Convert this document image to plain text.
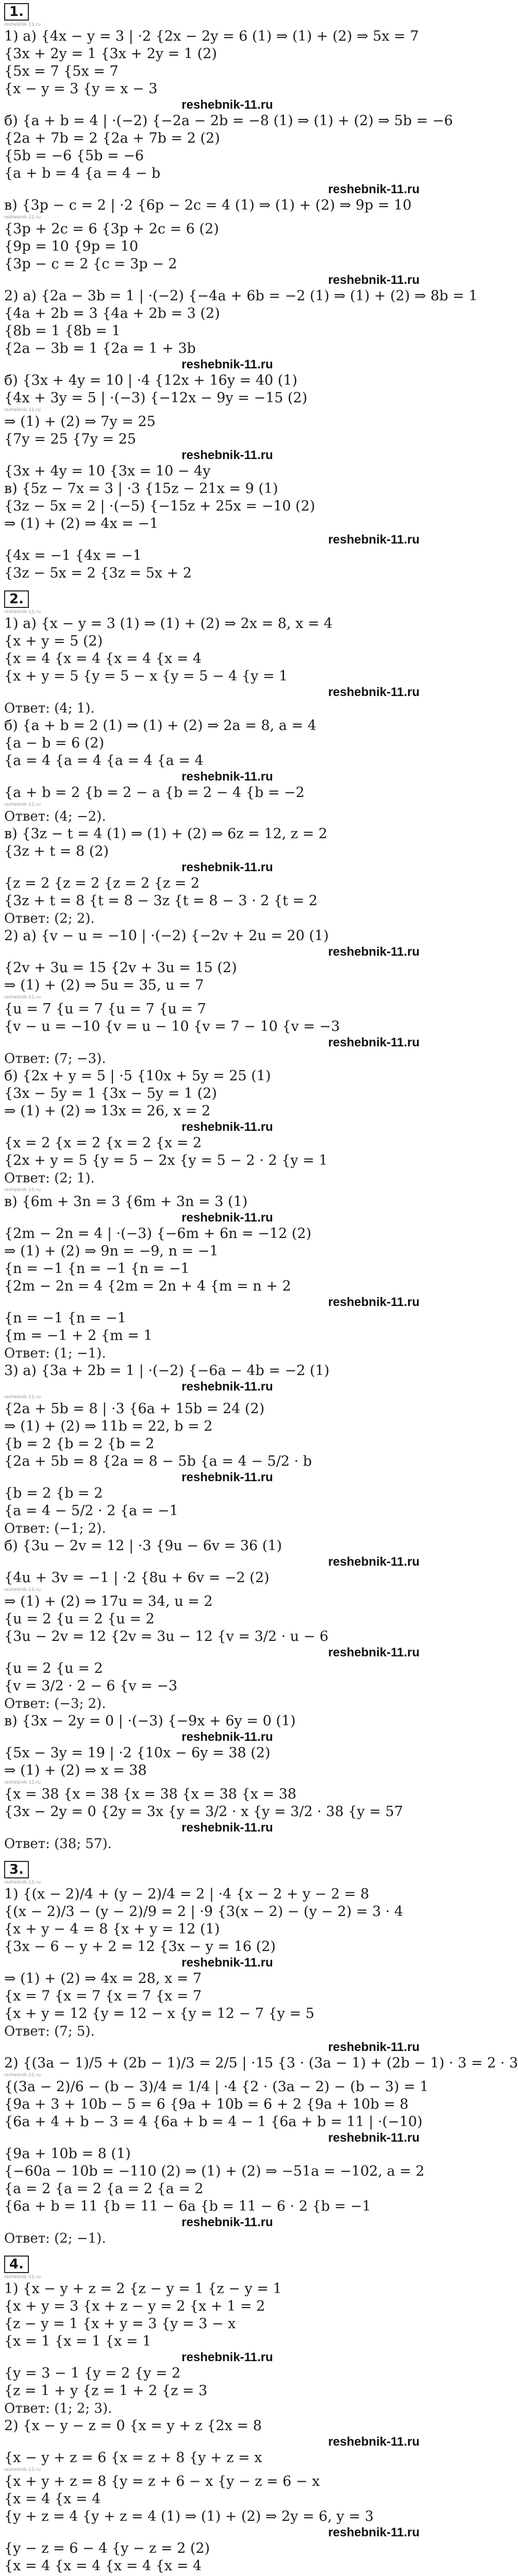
1.
reshebnik-11.ru
1) a) {4x − y = 3 | ·2 {2x − 2y = 6 (1) ⇒ (1) + (2) ⇒ 5x = 7
{3x + 2y = 1 {3x + 2y = 1 (2)
{5x = 7 {5x = 7
{x − y = 3 {y = x − 3
reshebnik-11.ru
б) {a + b = 4 | ·(−2) {−2a − 2b = −8 (1) ⇒ (1) + (2) ⇒ 5b = −6
{2a + 7b = 2 {2a + 7b = 2 (2)
{5b = −6 {5b = −6
{a + b = 4 {a = 4 − b
reshebnik-11.ru
в) {3p − c = 2 | ·2 {6p − 2c = 4 (1) ⇒ (1) + (2) ⇒ 9p = 10
reshebnik-11.ru
{3p + 2c = 6 {3p + 2c = 6 (2)
{9p = 10 {9p = 10
{3p − c = 2 {c = 3p − 2
reshebnik-11.ru
2) a) {2a − 3b = 1 | ·(−2) {−4a + 6b = −2 (1) ⇒ (1) + (2) ⇒ 8b = 1
{4a + 2b = 3 {4a + 2b = 3 (2)
{8b = 1 {8b = 1
{2a − 3b = 1 {2a = 1 + 3b
reshebnik-11.ru
б) {3x + 4y = 10 | ·4 {12x + 16y = 40 (1)
{4x + 3y = 5 | ·(−3) {−12x − 9y = −15 (2)
reshebnik-11.ru
⇒ (1) + (2) ⇒ 7y = 25
{7y = 25 {7y = 25
reshebnik-11.ru
{3x + 4y = 10 {3x = 10 − 4y
в) {5z − 7x = 3 | ·3 {15z − 21x = 9 (1)
{3z − 5x = 2 | ·(−5) {−15z + 25x = −10 (2)
⇒ (1) + (2) ⇒ 4x = −1
reshebnik-11.ru
{4x = −1 {4x = −1
{3z − 5x = 2 {3z = 5x + 2
2.
reshebnik-11.ru
1) a) {x − y = 3 (1) ⇒ (1) + (2) ⇒ 2x = 8, x = 4
{x + y = 5 (2)
{x = 4 {x = 4 {x = 4 {x = 4
{x + y = 5 {y = 5 − x {y = 5 − 4 {y = 1
reshebnik-11.ru
Ответ: (4; 1).
б) {a + b = 2 (1) ⇒ (1) + (2) ⇒ 2a = 8, a = 4
{a − b = 6 (2)
{a = 4 {a = 4 {a = 4 {a = 4
reshebnik-11.ru
{a + b = 2 {b = 2 − a {b = 2 − 4 {b = −2
reshebnik-11.ru
Ответ: (4; −2).
в) {3z − t = 4 (1) ⇒ (1) + (2) ⇒ 6z = 12, z = 2
{3z + t = 8 (2)
reshebnik-11.ru
{z = 2 {z = 2 {z = 2 {z = 2
{3z + t = 8 {t = 8 − 3z {t = 8 − 3 · 2 {t = 2
Ответ: (2; 2).
2) a) {v − u = −10 | ·(−2) {−2v + 2u = 20 (1)
reshebnik-11.ru
{2v + 3u = 15 {2v + 3u = 15 (2)
⇒ (1) + (2) ⇒ 5u = 35, u = 7
reshebnik-11.ru
{u = 7 {u = 7 {u = 7 {u = 7
{v − u = −10 {v = u − 10 {v = 7 − 10 {v = −3
reshebnik-11.ru
Ответ: (7; −3).
б) {2x + y = 5 | ·5 {10x + 5y = 25 (1)
{3x − 5y = 1 {3x − 5y = 1 (2)
⇒ (1) + (2) ⇒ 13x = 26, x = 2
reshebnik-11.ru
{x = 2 {x = 2 {x = 2 {x = 2
{2x + y = 5 {y = 5 − 2x {y = 5 − 2 · 2 {y = 1
Ответ: (2; 1).
reshebnik-11.ru
в) {6m + 3n = 3 {6m + 3n = 3 (1)
reshebnik-11.ru
{2m − 2n = 4 | ·(−3) {−6m + 6n = −12 (2)
⇒ (1) + (2) ⇒ 9n = −9, n = −1
{n = −1 {n = −1 {n = −1
{2m − 2n = 4 {2m = 2n + 4 {m = n + 2
reshebnik-11.ru
{n = −1 {n = −1
{m = −1 + 2 {m = 1
Ответ: (1; −1).
3) a) {3a + 2b = 1 | ·(−2) {−6a − 4b = −2 (1)
reshebnik-11.ru
reshebnik-11.ru
{2a + 5b = 8 | ·3 {6a + 15b = 24 (2)
⇒ (1) + (2) ⇒ 11b = 22, b = 2
{b = 2 {b = 2 {b = 2
{2a + 5b = 8 {2a = 8 − 5b {a = 4 − 5/2 · b
reshebnik-11.ru
{b = 2 {b = 2
{a = 4 − 5/2 · 2 {a = −1
Ответ: (−1; 2).
б) {3u − 2v = 12 | ·3 {9u − 6v = 36 (1)
reshebnik-11.ru
{4u + 3v = −1 | ·2 {8u + 6v = −2 (2)
reshebnik-11.ru
⇒ (1) + (2) ⇒ 17u = 34, u = 2
{u = 2 {u = 2 {u = 2
{3u − 2v = 12 {2v = 3u − 12 {v = 3/2 · u − 6
reshebnik-11.ru
{u = 2 {u = 2
{v = 3/2 · 2 − 6 {v = −3
Ответ: (−3; 2).
в) {3x − 2y = 0 | ·(−3) {−9x + 6y = 0 (1)
reshebnik-11.ru
{5x − 3y = 19 | ·2 {10x − 6y = 38 (2)
⇒ (1) + (2) ⇒ x = 38
reshebnik-11.ru
{x = 38 {x = 38 {x = 38 {x = 38 {x = 38
{3x − 2y = 0 {2y = 3x {y = 3/2 · x {y = 3/2 · 38 {y = 57
reshebnik-11.ru
Ответ: (38; 57).
3.
reshebnik-11.ru
1) {(x − 2)/4 + (y − 2)/4 = 2 | ·4 {x − 2 + y − 2 = 8
{(x − 2)/3 − (y − 2)/9 = 2 | ·9 {3(x − 2) − (y − 2) = 3 · 4
{x + y − 4 = 8 {x + y = 12 (1)
{3x − 6 − y + 2 = 12 {3x − y = 16 (2)
reshebnik-11.ru
⇒ (1) + (2) ⇒ 4x = 28, x = 7
{x = 7 {x = 7 {x = 7 {x = 7
{x + y = 12 {y = 12 − x {y = 12 − 7 {y = 5
Ответ: (7; 5).
reshebnik-11.ru
2) {(3a − 1)/5 + (2b − 1)/3 = 2/5 | ·15 {3 · (3a − 1) + (2b − 1) · 3 = 2 · 3
reshebnik-11.ru
{(3a − 2)/6 − (b − 3)/4 = 1/4 | ·4 {2 · (3a − 2) − (b − 3) = 1
{9a + 3 + 10b − 5 = 6 {9a + 10b = 6 + 2 {9a + 10b = 8
{6a + 4 + b − 3 = 4 {6a + b = 4 − 1 {6a + b = 11 | ·(−10)
reshebnik-11.ru
{9a + 10b = 8 (1)
{−60a − 10b = −110 (2) ⇒ (1) + (2) ⇒ −51a = −102, a = 2
{a = 2 {a = 2 {a = 2 {a = 2
{6a + b = 11 {b = 11 − 6a {b = 11 − 6 · 2 {b = −1
reshebnik-11.ru
Ответ: (2; −1).
4.
reshebnik-11.ru
1) {x − y + z = 2 {z − y = 1 {z − y = 1
{x + y = 3 {x + z − y = 2 {x + 1 = 2
{z − y = 1 {x + y = 3 {y = 3 − x
{x = 1 {x = 1 {x = 1
reshebnik-11.ru
{y = 3 − 1 {y = 2 {y = 2
{z = 1 + y {z = 1 + 2 {z = 3
Ответ: (1; 2; 3).
2) {x − y − z = 0 {x = y + z {2x = 8
reshebnik-11.ru
{x − y + z = 6 {x = z + 8 {y + z = x
reshebnik-11.ru
{x + y + z = 8 {y = z + 6 − x {y − z = 6 − x
{x = 4 {x = 4
{y + z = 4 {y + z = 4 (1) ⇒ (1) + (2) ⇒ 2y = 6, y = 3
reshebnik-11.ru
{y − z = 6 − 4 {y − z = 2 (2)
{x = 4 {x = 4 {x = 4 {x = 4
